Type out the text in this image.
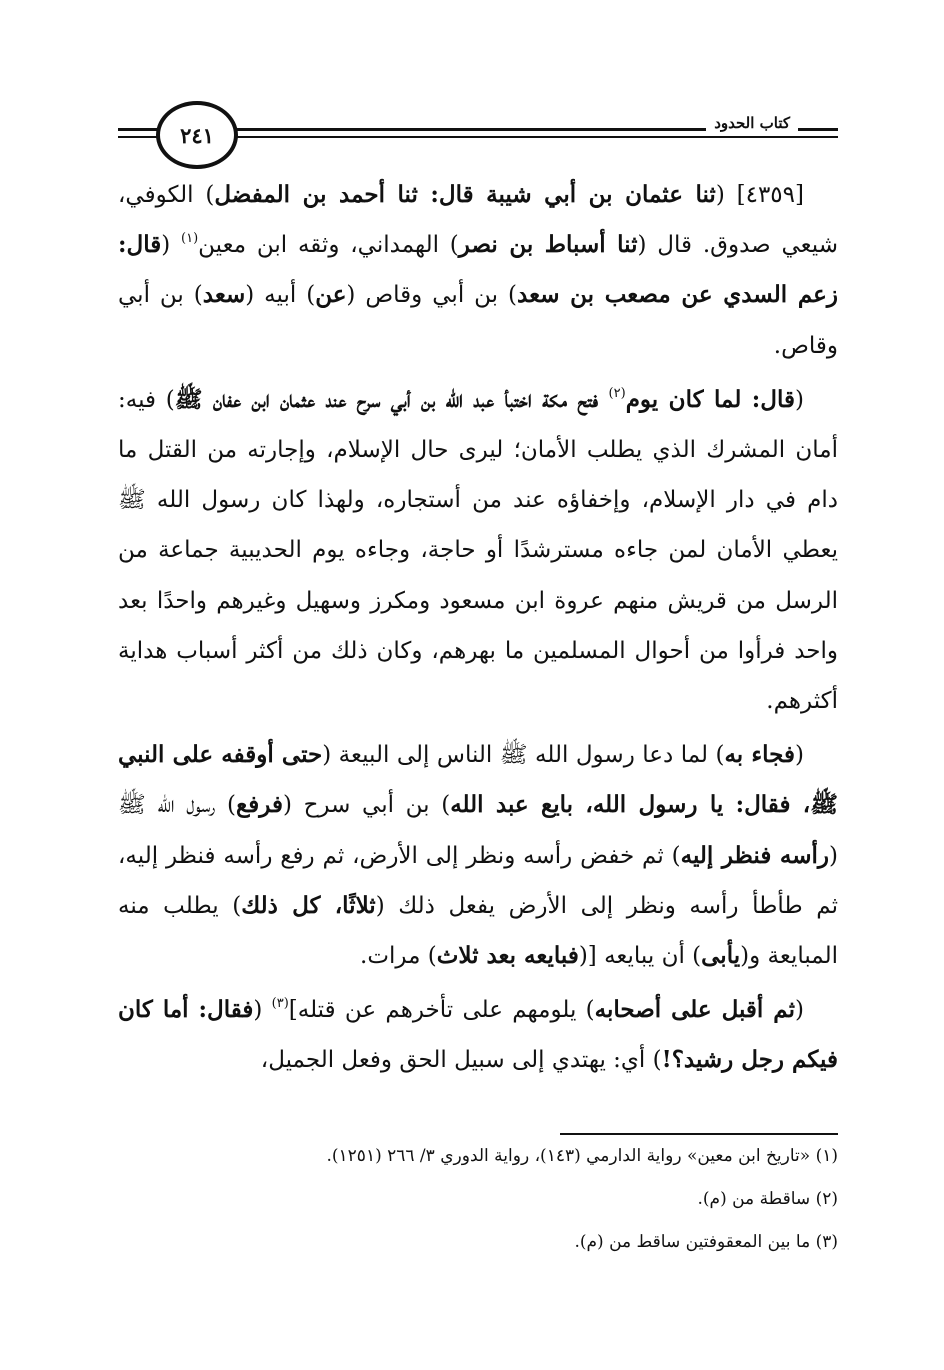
٢٤١	كتاب الحدود

[٤٣٥٩] (ثنا عثمان بن أبي شيبة قال: ثنا أحمد بن المفضل) الكوفي، شيعي صدوق. قال (ثنا أسباط بن نصر) الهمداني، وثقه ابن معين$^{(١)}$ (قال: زعم السدي عن مصعب بن سعد) بن أبي وقاص (عن) أبيه (سعد) بن أبي وقاص.

(قال: لما كان يوم$^{(٢)}$ فتح مكة اختبأ عبد الله بن أبي سرح عند عثمان ابن عفان ﷺ) فيه: أمان المشرك الذي يطلب الأمان؛ ليرى حال الإسلام، وإجارته من القتل ما دام في دار الإسلام، وإخفاؤه عند من أستجاره، ولهذا كان رسول الله ﷺ يعطي الأمان لمن جاءه مسترشدًا أو حاجة، وجاءه يوم الحديبية جماعة من الرسل من قريش منهم عروة ابن مسعود ومكرز وسهيل وغيرهم واحدًا بعد واحد فرأوا من أحوال المسلمين ما بهرهم، وكان ذلك من أكثر أسباب هداية أكثرهم.

(فجاء به) لما دعا رسول الله ﷺ الناس إلى البيعة (حتى أوقفه على النبي ﷺ، فقال: يا رسول الله، بايع عبد الله) بن أبي سرح (فرفع) رسول الله ﷺ (رأسه فنظر إليه) ثم خفض رأسه ونظر إلى الأرض، ثم رفع رأسه فنظر إليه، ثم طأطأ رأسه ونظر إلى الأرض يفعل ذلك (ثلاثًا، كل ذلك) يطلب منه المبايعة و(يأبى) أن يبايعه [(فبايعه بعد ثلاث) مرات.

(ثم أقبل على أصحابه) يلومهم على تأخرهم عن قتله]$^{(٣)}$ (فقال: أما كان فيكم رجل رشيد؟!) أي: يهتدي إلى سبيل الحق وفعل الجميل،

(١) «تاريخ ابن معين» رواية الدارمي (١٤٣)، رواية الدوري ٣/ ٢٦٦ (١٢٥١).
(٢) ساقطة من (م).
(٣) ما بين المعقوفتين ساقط من (م).
